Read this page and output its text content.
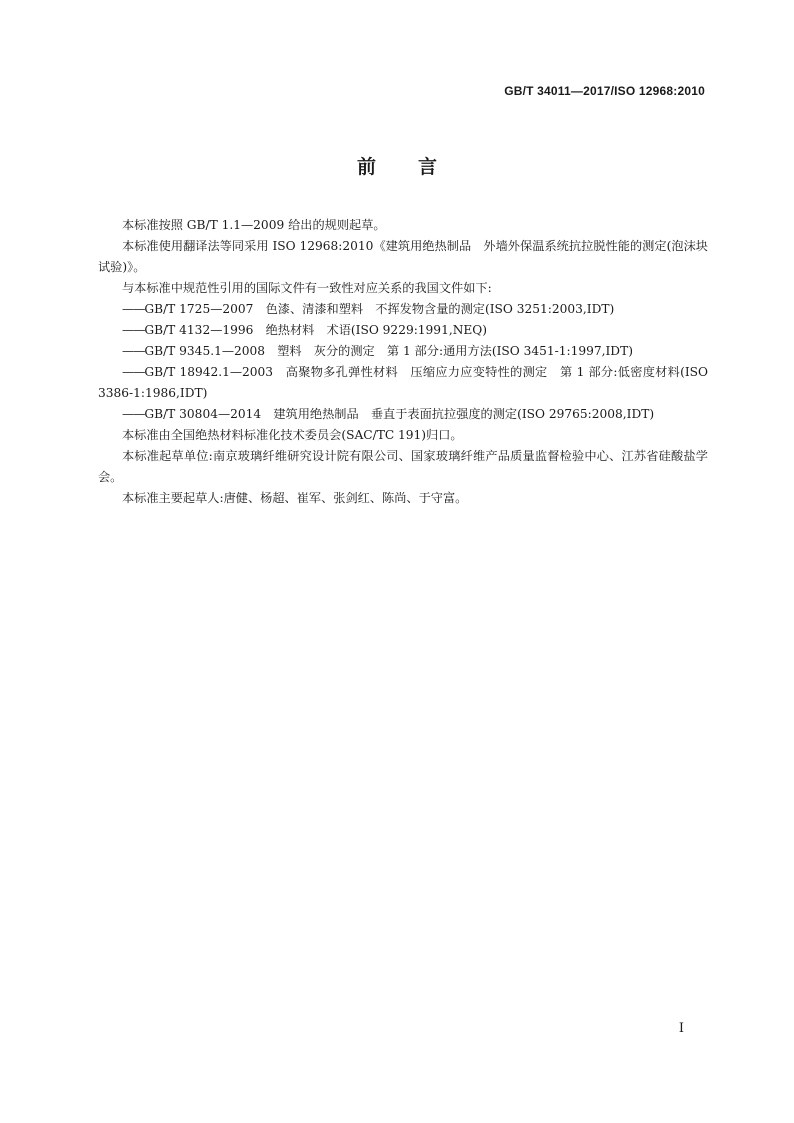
GB/T 34011—2017/ISO 12968:2010
前言

本标准按照 GB/T 1.1—2009 给出的规则起草。

本标准使用翻译法等同采用 ISO 12968:2010《建筑用绝热制品　外墙外保温系统抗拉脱性能的测定(泡沫块试验)》。

与本标准中规范性引用的国际文件有一致性对应关系的我国文件如下:

——GB/T 1725—2007　色漆、清漆和塑料　不挥发物含量的测定(ISO 3251:2003,IDT)

——GB/T 4132—1996　绝热材料　术语(ISO 9229:1991,NEQ)

——GB/T 9345.1—2008　塑料　灰分的测定　第 1 部分:通用方法(ISO 3451-1:1997,IDT)

——GB/T 18942.1—2003　高聚物多孔弹性材料　压缩应力应变特性的测定　第 1 部分:低密度材料(ISO 3386-1:1986,IDT)

——GB/T 30804—2014　建筑用绝热制品　垂直于表面抗拉强度的测定(ISO 29765:2008,IDT)

本标准由全国绝热材料标准化技术委员会(SAC/TC 191)归口。

本标准起草单位:南京玻璃纤维研究设计院有限公司、国家玻璃纤维产品质量监督检验中心、江苏省硅酸盐学会。

本标准主要起草人:唐健、杨超、崔军、张剑红、陈尚、于守富。

I
